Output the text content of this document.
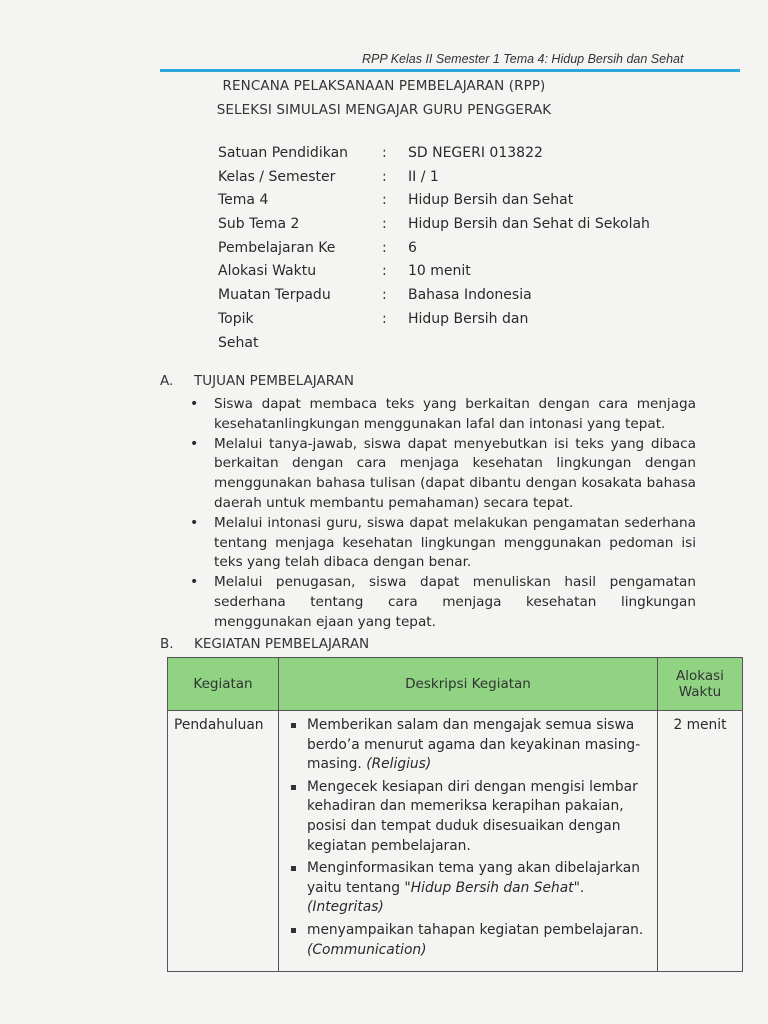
RPP Kelas II Semester 1 Tema 4: Hidup Bersih dan Sehat
RENCANA PELAKSANAAN PEMBELAJARAN (RPP)
SELEKSI SIMULASI MENGAJAR GURU PENGGERAK
Satuan Pendidikan : SD NEGERI 013822
Kelas / Semester	: II / 1
Tema 4	: Hidup Bersih dan Sehat
Sub Tema 2	: Hidup Bersih dan Sehat di Sekolah
Pembelajaran Ke	: 6
Alokasi Waktu	: 10 menit
Muatan Terpadu	: Bahasa Indonesia
Topik	: Hidup Bersih dan
Sehat
A. TUJUAN PEMBELAJARAN
• Siswa dapat membaca teks yang berkaitan dengan cara menjaga kesehatanlingkungan menggunakan lafal dan intonasi yang tepat.
• Melalui tanya-jawab, siswa dapat menyebutkan isi teks yang dibaca berkaitan dengan cara menjaga kesehatan lingkungan dengan menggunakan bahasa tulisan (dapat dibantu dengan kosakata bahasa daerah untuk membantu pemahaman) secara tepat.
• Melalui intonasi guru, siswa dapat melakukan pengamatan sederhana tentang menjaga kesehatan lingkungan menggunakan pedoman isi teks yang telah dibaca dengan benar.
• Melalui penugasan, siswa dapat menuliskan hasil pengamatan sederhana tentang cara menjaga kesehatan lingkungan menggunakan ejaan yang tepat.
B. KEGIATAN PEMBELAJARAN
Kegiatan	Deskripsi Kegiatan	Alokasi
Waktu

Pendahuluan	Memberikan salam dan mengajak semua siswa berdo’a menurut agama dan keyakinan masing-masing. (Religius)
Mengecek kesiapan diri dengan mengisi lembar kehadiran dan memeriksa kerapihan pakaian, posisi dan tempat duduk disesuaikan dengan kegiatan pembelajaran.
Menginformasikan tema yang akan dibelajarkan yaitu tentang "Hidup Bersih dan Sehat". (Integritas)
menyampaikan tahapan kegiatan pembelajaran. (Communication)	2 menit
